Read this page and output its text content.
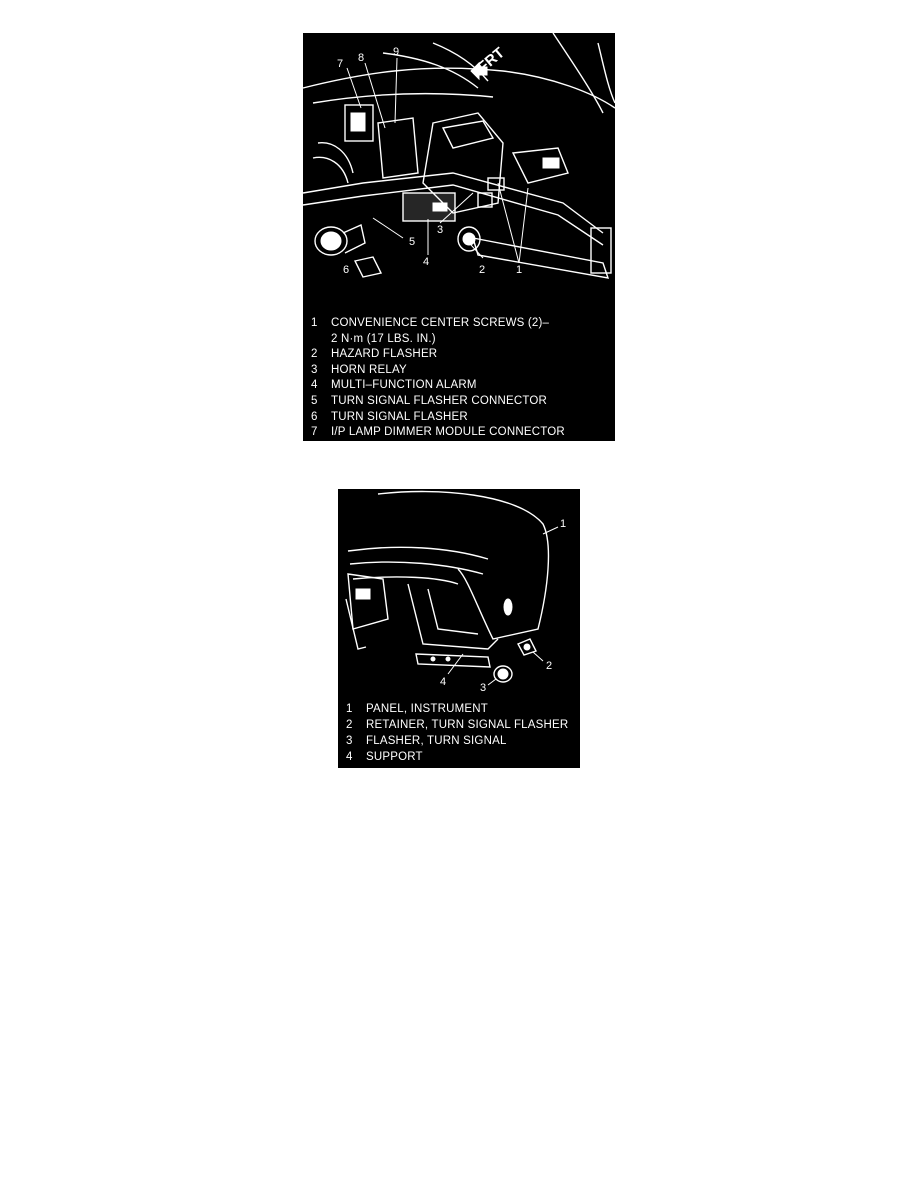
FRT
7 8	9
5
6
4
3
2	1
1	CONVENIENCE CENTER SCREWS (2)–
2 N·m (17 LBS. IN.)
2	HAZARD FLASHER
3	HORN RELAY
4	MULTI–FUNCTION ALARM
5	TURN SIGNAL FLASHER CONNECTOR
6	TURN SIGNAL FLASHER
7	I/P LAMP DIMMER MODULE CONNECTOR
8	I/P LAMP DIMMER MODULE
9	SCREW
1
2
3
4
1	PANEL, INSTRUMENT
2	RETAINER, TURN SIGNAL FLASHER
3	FLASHER, TURN SIGNAL
4	SUPPORT
